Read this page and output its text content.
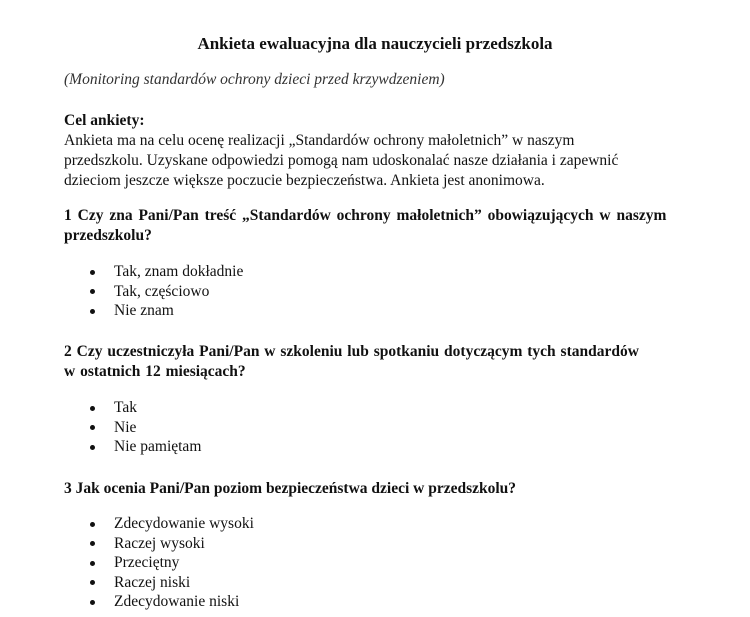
Ankieta ewaluacyjna dla nauczycieli przedszkola
(Monitoring standardów ochrony dzieci przed krzywdzeniem)
Cel ankiety:
Ankieta ma na celu ocenę realizacji „Standardów ochrony małoletnich” w naszym
przedszkolu. Uzyskane odpowiedzi pomogą nam udoskonalać nasze działania i zapewnić
dzieciom jeszcze większe poczucie bezpieczeństwa. Ankieta jest anonimowa.
1 Czy zna Pani/Pan treść „Standardów ochrony małoletnich” obowiązujących w naszym
przedszkolu?
Tak, znam dokładnie
Tak, częściowo
Nie znam
2 Czy uczestniczyła Pani/Pan w szkoleniu lub spotkaniu dotyczącym tych standardów
w ostatnich 12 miesiącach?
Tak
Nie
Nie pamiętam
3 Jak ocenia Pani/Pan poziom bezpieczeństwa dzieci w przedszkolu?
Zdecydowanie wysoki
Raczej wysoki
Przeciętny
Raczej niski
Zdecydowanie niski
